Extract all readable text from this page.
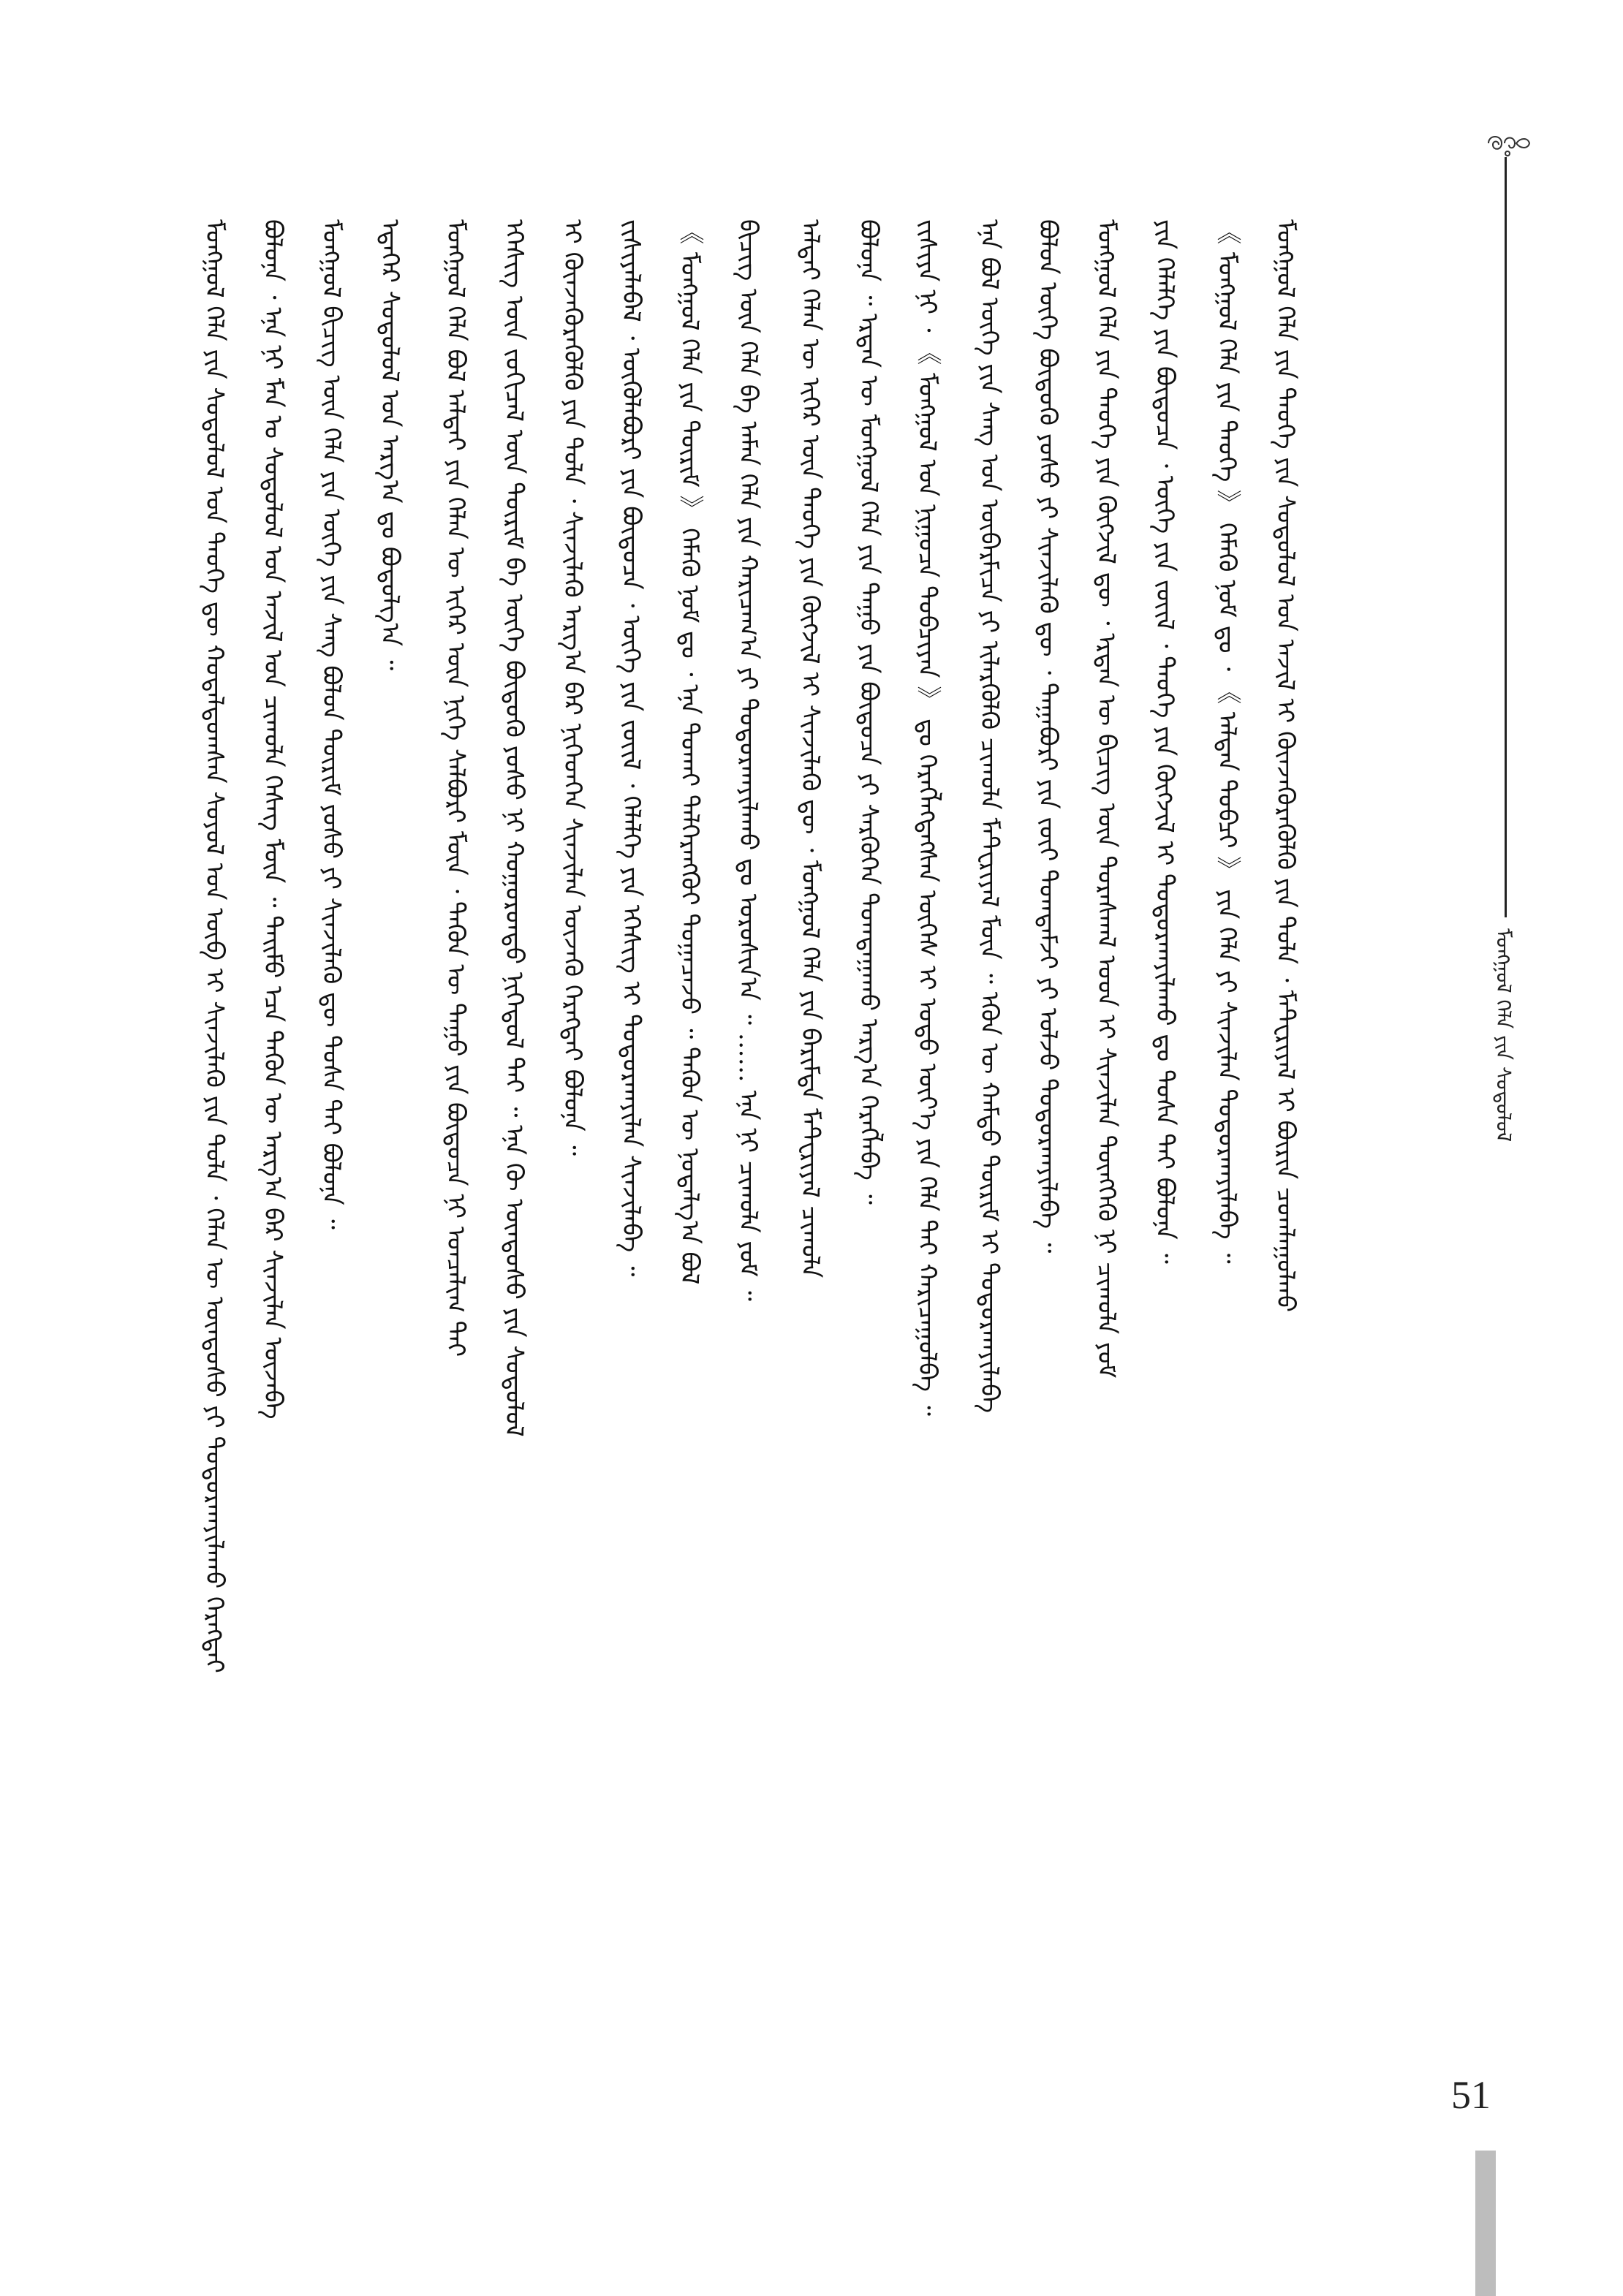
ᠮᠣᠩᠭᠣᠯ ᠬᠡᠯᠡ ᠶᠢᠨ ᠰᠤᠳᠤᠯᠤᠯ
ᠮᠣᠩᠭᠣᠯ ᠬᠡᠯᠡ ᠶᠢᠨ ᠰᠤᠳᠤᠯᠤᠯ ᠤᠨ ᠲᠡᠦᠬᠡ ᠳᠦ ᠬᠤᠳᠠᠯᠳᠤᠭᠰᠠᠨ ᠰᠣᠶᠤᠯ ᠤᠨ ᠥᠪ ᠢ ᠰᠢᠨᠵᠢᠯᠡᠬᠦ ᠶᠢᠨ ᠲᠤᠯᠠ ᠂ ᠬᠡᠯᠡᠨ ᠦ ᠦᠨᠳᠦᠰᠦ ᠶᠢ ᠲᠣᠳᠣᠷᠬᠠᠶᠢᠯᠠᠬᠤ ᠬᠡᠷᠡᠭᠲᠡᠢ	ᠪᠣᠯᠤᠨᠠ ᠂ ᠡᠨᠡ ᠨᠢ ᠮᠠᠨ ᠤ ᠰᠤᠳᠤᠯᠤᠯ ᠤᠨ ᠠᠵᠢᠯ ᠤᠨ ᠴᠢᠬᠤᠯᠠ ᠬᠡᠰᠡᠭ ᠮᠥᠨ ᠃ ᠲᠡᠢᠮᠦ ᠡᠴᠡ ᠲᠡᠭᠦᠨ ᠦ ᠠᠷᠭ᠎ᠠ ᠪᠠᠷ ᠰᠢᠨᠵᠢᠯᠡᠨ ᠦᠵᠡᠪᠡ	ᠮᠣᠩᠭᠣᠯ ᠪᠢᠴᠢᠭ ᠦᠨ ᠬᠡᠯᠡ ᠶᠢᠨ ᠦᠭᠡ ᠶᠢᠨ ᠰᠠᠩ ᠪᠣᠯᠤᠨ ᠳᠦᠷᠢᠮ ᠶᠣᠰᠣ ᠶᠢ ᠰᠢᠨᠵᠢᠯᠡᠬᠦ ᠳᠦ ᠲᠤᠰᠠ ᠲᠠᠢ ᠪᠣᠯᠤᠨᠠ ᠃	ᠡᠳᠡᠭᠡᠷ ᠰᠤᠳᠤᠯᠤᠯ ᠤᠨ ᠠᠷᠭ᠎ᠠ ᠳᠤ ᠪᠣᠳᠤᠯᠭ᠎ᠠ ᠃	ᠮᠣᠩᠭᠣᠯ ᠬᠡᠯᠡ ᠪᠣᠯ ᠠᠯᠲᠠᠢ ᠶᠢᠨ ᠬᠡᠯᠡᠨ ᠦ ᠢᠭᠡᠷ ᠦᠨ ᠨᠢᠭᠡ ᠰᠠᠯᠪᠤᠷᠢ ᠮᠥᠨ ᠂ ᠲᠡᠭᠦᠨ ᠦ ᠳᠠᠭᠤ ᠶᠢᠨ ᠪᠦᠲᠦᠴᠡ ᠨᠢ ᠣᠨᠴᠠᠯᠢᠭ ᠲᠠᠢ	ᠡᠭᠡᠰᠢᠭ ᠦᠨ ᠵᠣᠬᠢᠴᠠᠯ ᠦᠨ ᠳᠦᠷᠢᠮ ᠪᠠ ᠦᠭᠡ ᠪᠦᠲᠦᠬᠦ ᠶᠣᠰᠣ ᠨᠢ ᠬᠣᠭᠣᠷᠤᠨᠳᠤ ᠨᠢᠭᠡᠳᠦᠯ ᠲᠡᠢ ᠃ ᠡᠨᠡ ᠬᠦ ᠦᠨᠳᠦᠰᠦ ᠶᠢᠨ ᠰᠤᠳᠤᠯᠤᠯ	ᠢ ᠭᠦᠨᠵᠡᠭᠦᠷᠡᠭᠦᠯᠬᠦ ᠶᠢᠨ ᠲᠤᠯᠠ ᠂ ᠰᠢᠨᠵᠢᠯᠡᠬᠦ ᠠᠷᠭ᠎ᠠ ᠪᠠᠷ ᠨᠢᠭᠡᠳᠬᠡᠨ ᠰᠢᠨᠵᠢᠯᠡᠨ ᠦᠵᠡᠬᠦ ᠬᠡᠷᠡᠭᠲᠡᠢ ᠪᠣᠯᠤᠨᠠ ᠃	ᠵᠢᠱᠢᠶᠡᠯᠡᠪᠡᠯ ᠂ ᠥᠭᠦᠯᠡᠪᠦᠷᠢ ᠶᠢᠨ ᠪᠦᠲᠦᠴᠡ ᠂ ᠦᠭᠡ ᠶᠢᠨ ᠵᠦᠢᠯ ᠂ ᠬᠡᠯᠡᠯᠭᠡ ᠶᠢᠨ ᠡᠭᠡᠰᠢᠭ ᠢ ᠲᠣᠳᠣᠷᠬᠠᠶᠢᠯᠠᠨ ᠰᠢᠨᠵᠢᠯᠡᠪᠡ ᠃	《 ᠮᠣᠩᠭᠣᠯ ᠬᠡᠯᠡ ᠶᠢᠨ ᠳᠦᠷᠢᠮ 》 ᠬᠡᠮᠡᠬᠦ ᠨᠣᠮ ᠳᠤ ᠂ ᠡᠨᠡ ᠲᠤᠬᠠᠢ ᠳᠡᠯᠭᠡᠷᠡᠩᠭᠦᠢ ᠲᠣᠭᠠᠴᠠᠵᠤ ᠃ ᠲᠡᠭᠦᠨ ᠦ ᠨᠣᠲᠠᠯᠭ᠎ᠠ ᠪᠣᠯ	ᠪᠢᠴᠢᠭ ᠦᠨ ᠬᠡᠯᠡ ᠪᠠ ᠠᠮᠠᠨ ᠬᠡᠯᠡ ᠶᠢᠨ ᠬᠠᠷᠢᠴᠠᠭ᠎ᠠ ᠶᠢ ᠲᠣᠳᠣᠷᠬᠠᠶᠢᠯᠠᠬᠤ ᠳᠤ ᠣᠷᠣᠰᠢᠨ᠎ᠠ ᠃ …… ᠡᠨᠡ ᠨᠢ ᠴᠢᠬᠤᠯᠠ ᠶᠤᠮ ᠃	ᠠᠯᠲᠠᠢ ᠬᠡᠯᠡᠨ ᠦ ᠢᠭᠡᠷ ᠦᠨ ᠲᠡᠦᠬᠡ ᠶᠢᠨ ᠬᠥᠭᠵᠢᠯ ᠢ ᠰᠢᠨᠵᠢᠯᠡᠬᠦ ᠳᠦ ᠂ ᠮᠣᠩᠭᠣᠯ ᠬᠡᠯᠡ ᠶᠢᠨ ᠪᠠᠷᠢᠮᠲᠠ ᠮᠠᠲᠸᠷᠢᠶᠠᠯ ᠴᠢᠬᠤᠯᠠ	ᠪᠣᠯᠤᠨᠠ ᠃ ᠡᠷᠲᠡᠨ ᠦ ᠮᠣᠩᠭᠣᠯ ᠬᠡᠯᠡ ᠶᠢᠨ ᠳᠠᠭᠤ ᠶᠢᠨ ᠪᠦᠲᠦᠴᠡ ᠶᠢ ᠰᠡᠷᠭᠦᠭᠡᠨ ᠲᠣᠭᠲᠠᠭᠠᠬᠤ ᠠᠷᠭ᠎ᠠ ᠬᠡᠷᠡᠭᠯᠡᠪᠡ ᠃	ᠵᠢᠱᠢᠶᠡ ᠨᠢ ᠂ 《 ᠮᠣᠩᠭᠣᠯ ᠤᠨ ᠨᠢᠭᠤᠴᠠ ᠲᠣᠪᠴᠢᠶᠠᠨ 》 ᠳᠤ ᠬᠡᠷᠡᠭᠯᠡᠭᠳᠡᠭᠰᠡᠨ ᠦᠭᠡᠰ ᠢ ᠣᠳᠣ ᠦᠶ᠎ᠡ ᠶᠢᠨ ᠬᠡᠯᠡ ᠲᠡᠢ ᠬᠠᠷᠢᠴᠠᠭᠤᠯᠪᠠ ᠃	ᠡᠨᠡ ᠪᠣᠯ ᠦᠭᠡ ᠶᠢᠨ ᠰᠠᠩ ᠤᠨ ᠥᠪᠡᠷᠮᠢᠴᠡ ᠶᠢ ᠢᠯᠡᠷᠭᠦᠯᠬᠦ ᠴᠢᠬᠤᠯᠠ ᠮᠠᠲᠸᠷᠢᠶᠠᠯ ᠮᠥᠨ ᠃ ᠡᠭᠦᠨ ᠦ ᠬᠠᠮᠲᠤ ᠳᠦᠷᠢᠮ ᠢ ᠲᠣᠳᠣᠷᠬᠠᠶᠢᠯᠠᠪᠠ	ᠪᠣᠯᠤᠨ ᠦᠭᠡ ᠪᠦᠲᠦᠬᠦ ᠶᠣᠰᠣ ᠶᠢ ᠰᠢᠨᠵᠢᠯᠡᠬᠦ ᠳᠦ ᠂ ᠳᠠᠭᠠᠪᠤᠷᠢ ᠶᠢᠨ ᠵᠦᠢ ᠲᠣᠭᠲᠠᠮᠵᠢ ᠶᠢ ᠣᠯᠵᠤ ᠲᠣᠳᠣᠷᠬᠠᠶᠢᠯᠠᠪᠠ ᠃	ᠮᠣᠩᠭᠣᠯ ᠬᠡᠯᠡ ᠶᠢᠨ ᠲᠡᠦᠬᠡ ᠶᠢᠨ ᠬᠥᠭᠵᠢᠯ ᠳᠦ ᠂ ᠡᠷᠲᠡᠨ ᠦ ᠪᠢᠴᠢᠭ ᠦᠨ ᠳᠤᠷᠠᠰᠬᠠᠯ ᠤᠳ ᠢ ᠰᠢᠨᠵᠢᠯᠡᠨ ᠳᠦᠩᠭᠡᠬᠦ ᠨᠢ ᠴᠢᠬᠤᠯᠠ ᠶᠤᠮ	ᠶᠢᠨ ᠬᠡᠯᠡᠯᠭᠡ ᠶᠢᠨ ᠪᠦᠲᠦᠴᠡ ᠂ ᠦᠭᠡ ᠶᠢᠨ ᠵᠦᠢᠯ ᠂ ᠲᠡᠦᠬᠡ ᠶᠢᠨ ᠬᠥᠭᠵᠢᠯ ᠢ ᠲᠣᠳᠣᠷᠬᠠᠶᠢᠯᠠᠬᠤ ᠳᠤ ᠲᠤᠰᠠ ᠲᠠᠢ ᠪᠣᠯᠤᠨᠠ ᠃	《 ᠮᠣᠩᠭᠣᠯ ᠬᠡᠯᠡ ᠶᠢᠨ ᠲᠡᠦᠬᠡ 》 ᠬᠡᠮᠡᠬᠦ ᠨᠣᠮ ᠳᠤ ᠂ 《 ᠠᠯᠲᠠᠨ ᠲᠣᠪᠴᠢ 》 ᠶᠢᠨ ᠬᠡᠯᠡ ᠶᠢ ᠰᠢᠨᠵᠢᠯᠡᠨ ᠲᠣᠳᠣᠷᠬᠠᠶᠢᠯᠠᠪᠠ ᠃	ᠮᠣᠩᠭᠣᠯ ᠬᠡᠯᠡ ᠶᠢᠨ ᠲᠡᠦᠬᠡ ᠶᠢᠨ ᠰᠤᠳᠤᠯᠤᠯ ᠤᠨ ᠠᠵᠢᠯ ᠢ ᠭᠦᠨᠵᠡᠭᠦᠷᠡᠭᠦᠯᠬᠦ ᠶᠢᠨ ᠲᠤᠯᠠ ᠂ ᠮᠠᠲᠸᠷᠢᠶᠠᠯ ᠢ ᠪᠦᠷᠢᠨ ᠴᠤᠭᠯᠠᠭᠤᠯᠬᠤ
51
